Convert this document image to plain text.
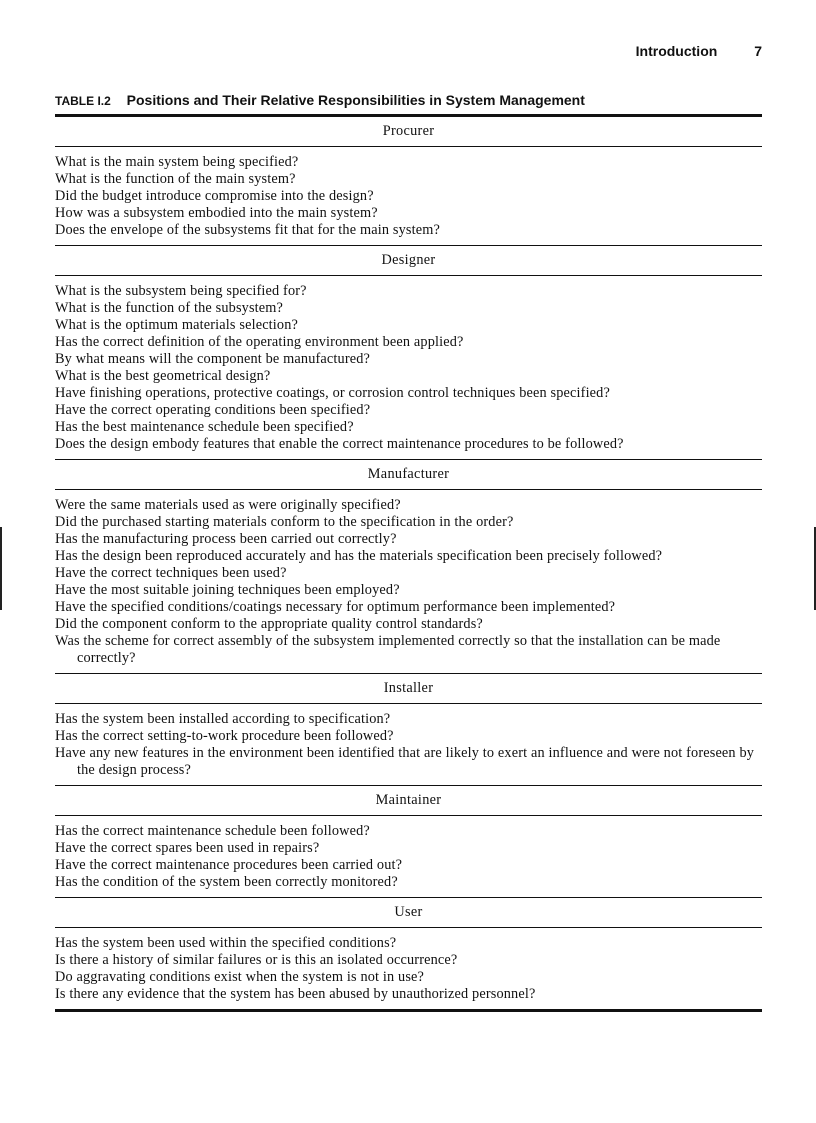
Introduction	7
TABLE I.2 Positions and Their Relative Responsibilities in System Management
Procurer
What is the main system being specified?
What is the function of the main system?
Did the budget introduce compromise into the design?
How was a subsystem embodied into the main system?
Does the envelope of the subsystems fit that for the main system?
Designer
What is the subsystem being specified for?
What is the function of the subsystem?
What is the optimum materials selection?
Has the correct definition of the operating environment been applied?
By what means will the component be manufactured?
What is the best geometrical design?
Have finishing operations, protective coatings, or corrosion control techniques been specified?
Have the correct operating conditions been specified?
Has the best maintenance schedule been specified?
Does the design embody features that enable the correct maintenance procedures to be followed?
Manufacturer
Were the same materials used as were originally specified?
Did the purchased starting materials conform to the specification in the order?
Has the manufacturing process been carried out correctly?
Has the design been reproduced accurately and has the materials specification been precisely followed?
Have the correct techniques been used?
Have the most suitable joining techniques been employed?
Have the specified conditions/coatings necessary for optimum performance been implemented?
Did the component conform to the appropriate quality control standards?
Was the scheme for correct assembly of the subsystem implemented correctly so that the installation can be made correctly?
Installer
Has the system been installed according to specification?
Has the correct setting-to-work procedure been followed?
Have any new features in the environment been identified that are likely to exert an influence and were not foreseen by the design process?
Maintainer
Has the correct maintenance schedule been followed?
Have the correct spares been used in repairs?
Have the correct maintenance procedures been carried out?
Has the condition of the system been correctly monitored?
User
Has the system been used within the specified conditions?
Is there a history of similar failures or is this an isolated occurrence?
Do aggravating conditions exist when the system is not in use?
Is there any evidence that the system has been abused by unauthorized personnel?
